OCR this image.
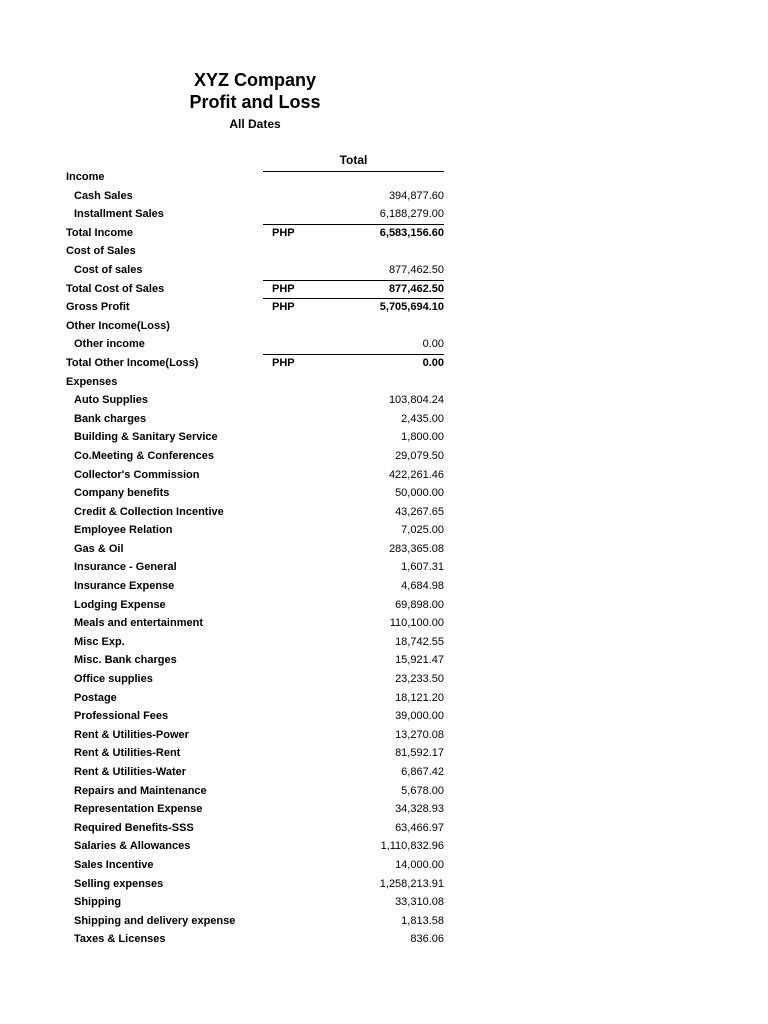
XYZ Company
Profit and Loss
All Dates
Total
Income
Cash Sales	394,877.60
Installment Sales	6,188,279.00
Total Income	PHP	6,583,156.60
Cost of Sales
Cost of sales	877,462.50
Total Cost of Sales	PHP	877,462.50
Gross Profit	PHP	5,705,694.10
Other Income(Loss)
Other income	0.00
Total Other Income(Loss)	PHP	0.00
Expenses
Auto Supplies	103,804.24
Bank charges	2,435.00
Building & Sanitary Service	1,800.00
Co.Meeting & Conferences	29,079.50
Collector's Commission	422,261.46
Company benefits	50,000.00
Credit & Collection Incentive	43,267.65
Employee Relation	7,025.00
Gas & Oil	283,365.08
Insurance - General	1,607.31
Insurance Expense	4,684.98
Lodging Expense	69,898.00
Meals and entertainment	110,100.00
Misc Exp.	18,742.55
Misc. Bank charges	15,921.47
Office supplies	23,233.50
Postage	18,121.20
Professional Fees	39,000.00
Rent & Utilities-Power	13,270.08
Rent & Utilities-Rent	81,592.17
Rent & Utilities-Water	6,867.42
Repairs and Maintenance	5,678.00
Representation Expense	34,328.93
Required Benefits-SSS	63,466.97
Salaries & Allowances	1,110,832.96
Sales Incentive	14,000.00
Selling expenses	1,258,213.91
Shipping	33,310.08
Shipping and delivery expense	1,813.58
Taxes & Licenses	836.06
